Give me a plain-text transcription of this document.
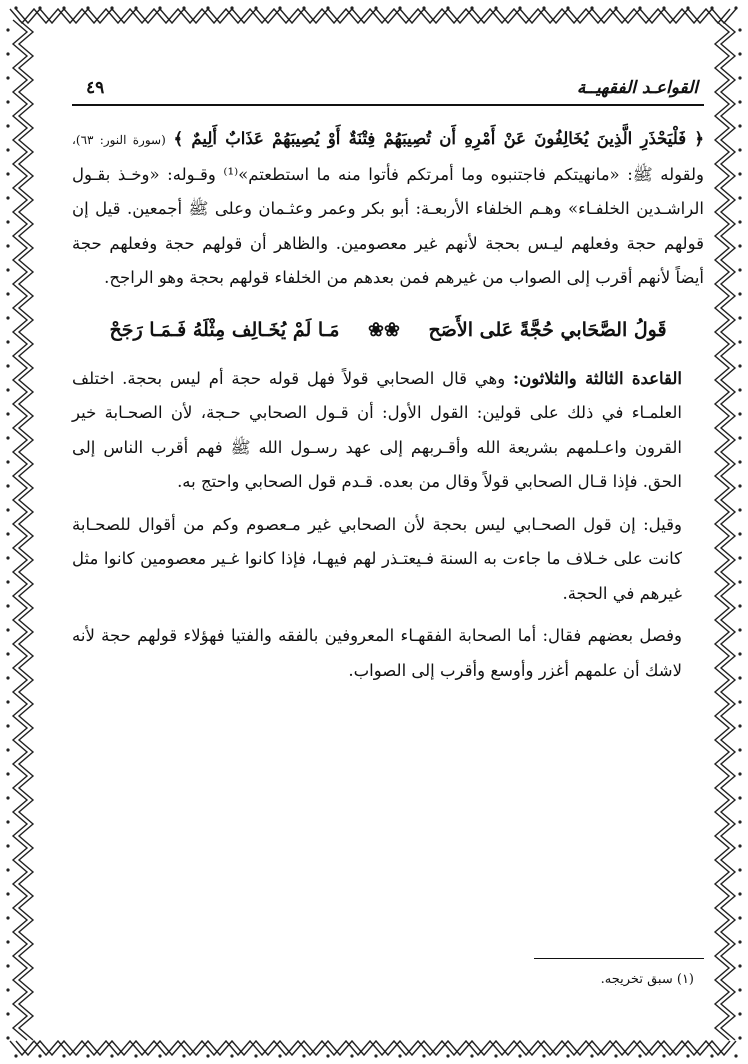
القواعـد الفقهيــة
٤٩

﴿ فَلْيَحْذَرِ الَّذِينَ يُخَالِفُونَ عَنْ أَمْرِهِ أَن تُصِيبَهُمْ فِتْنَةٌ أَوْ يُصِيبَهُمْ عَذَابٌ أَلِيمٌ ﴾ (سورة النور: ٦٣)، ولقوله ﷺ: «مانهيتكم فاجتنبوه وما أمرتكم فأتوا منه ما استطعتم»⁽¹⁾ وقـوله: «وخـذ بقـول الراشـدين الخلفـاء» وهـم الخلفاء الأربعـة: أبو بكر وعمر وعثـمان وعلى ﷺ أجمعين. قيل إن قولهم حجة وفعلهم ليـس بحجة لأنهم غير معصومين. والظاهر أن قولهم حجة وفعلهم حجة أيضاً لأنهم أقرب إلى الصواب من غيرهم فمن بعدهم من الخلفاء قولهم بحجة وهو الراجح.

قَولُ الصَّحَابي حُجَّةً عَلى الأَصَح ❀❀ مَـا لَمْ يُخَـالِف مِثْلَهُ فَـمَـا رَجَحْ

القاعدة الثالثة والثلاثون: وهي قال الصحابي قولاً فهل قوله حجة أم ليس بحجة. اختلف العلمـاء في ذلك على قولين: القول الأول: أن قـول الصحابي حـجة، لأن الصحـابة خير القرون واعـلمهم بشريعة الله وأقـربهم إلى عهد رسـول الله ﷺ فهم أقرب الناس إلى الحق. فإذا قـال الصحابي قولاً وقال من بعده. قـدم قول الصحابي واحتج به.

وقيل: إن قول الصحـابي ليس بحجة لأن الصحابي غير مـعصوم وكم من أقوال للصحـابة كانت على خـلاف ما جاءت به السنة فـيعتـذر لهم فيهـا، فإذا كانوا غـير معصومين كانوا مثل غيرهم في الحجة.

وفصل بعضهم فقال: أما الصحابة الفقهـاء المعروفين بالفقه والفتيا فهؤلاء قولهم حجة لأنه لاشك أن علمهم أغزر وأوسع وأقرب إلى الصواب.

(١) سبق تخريجه.
